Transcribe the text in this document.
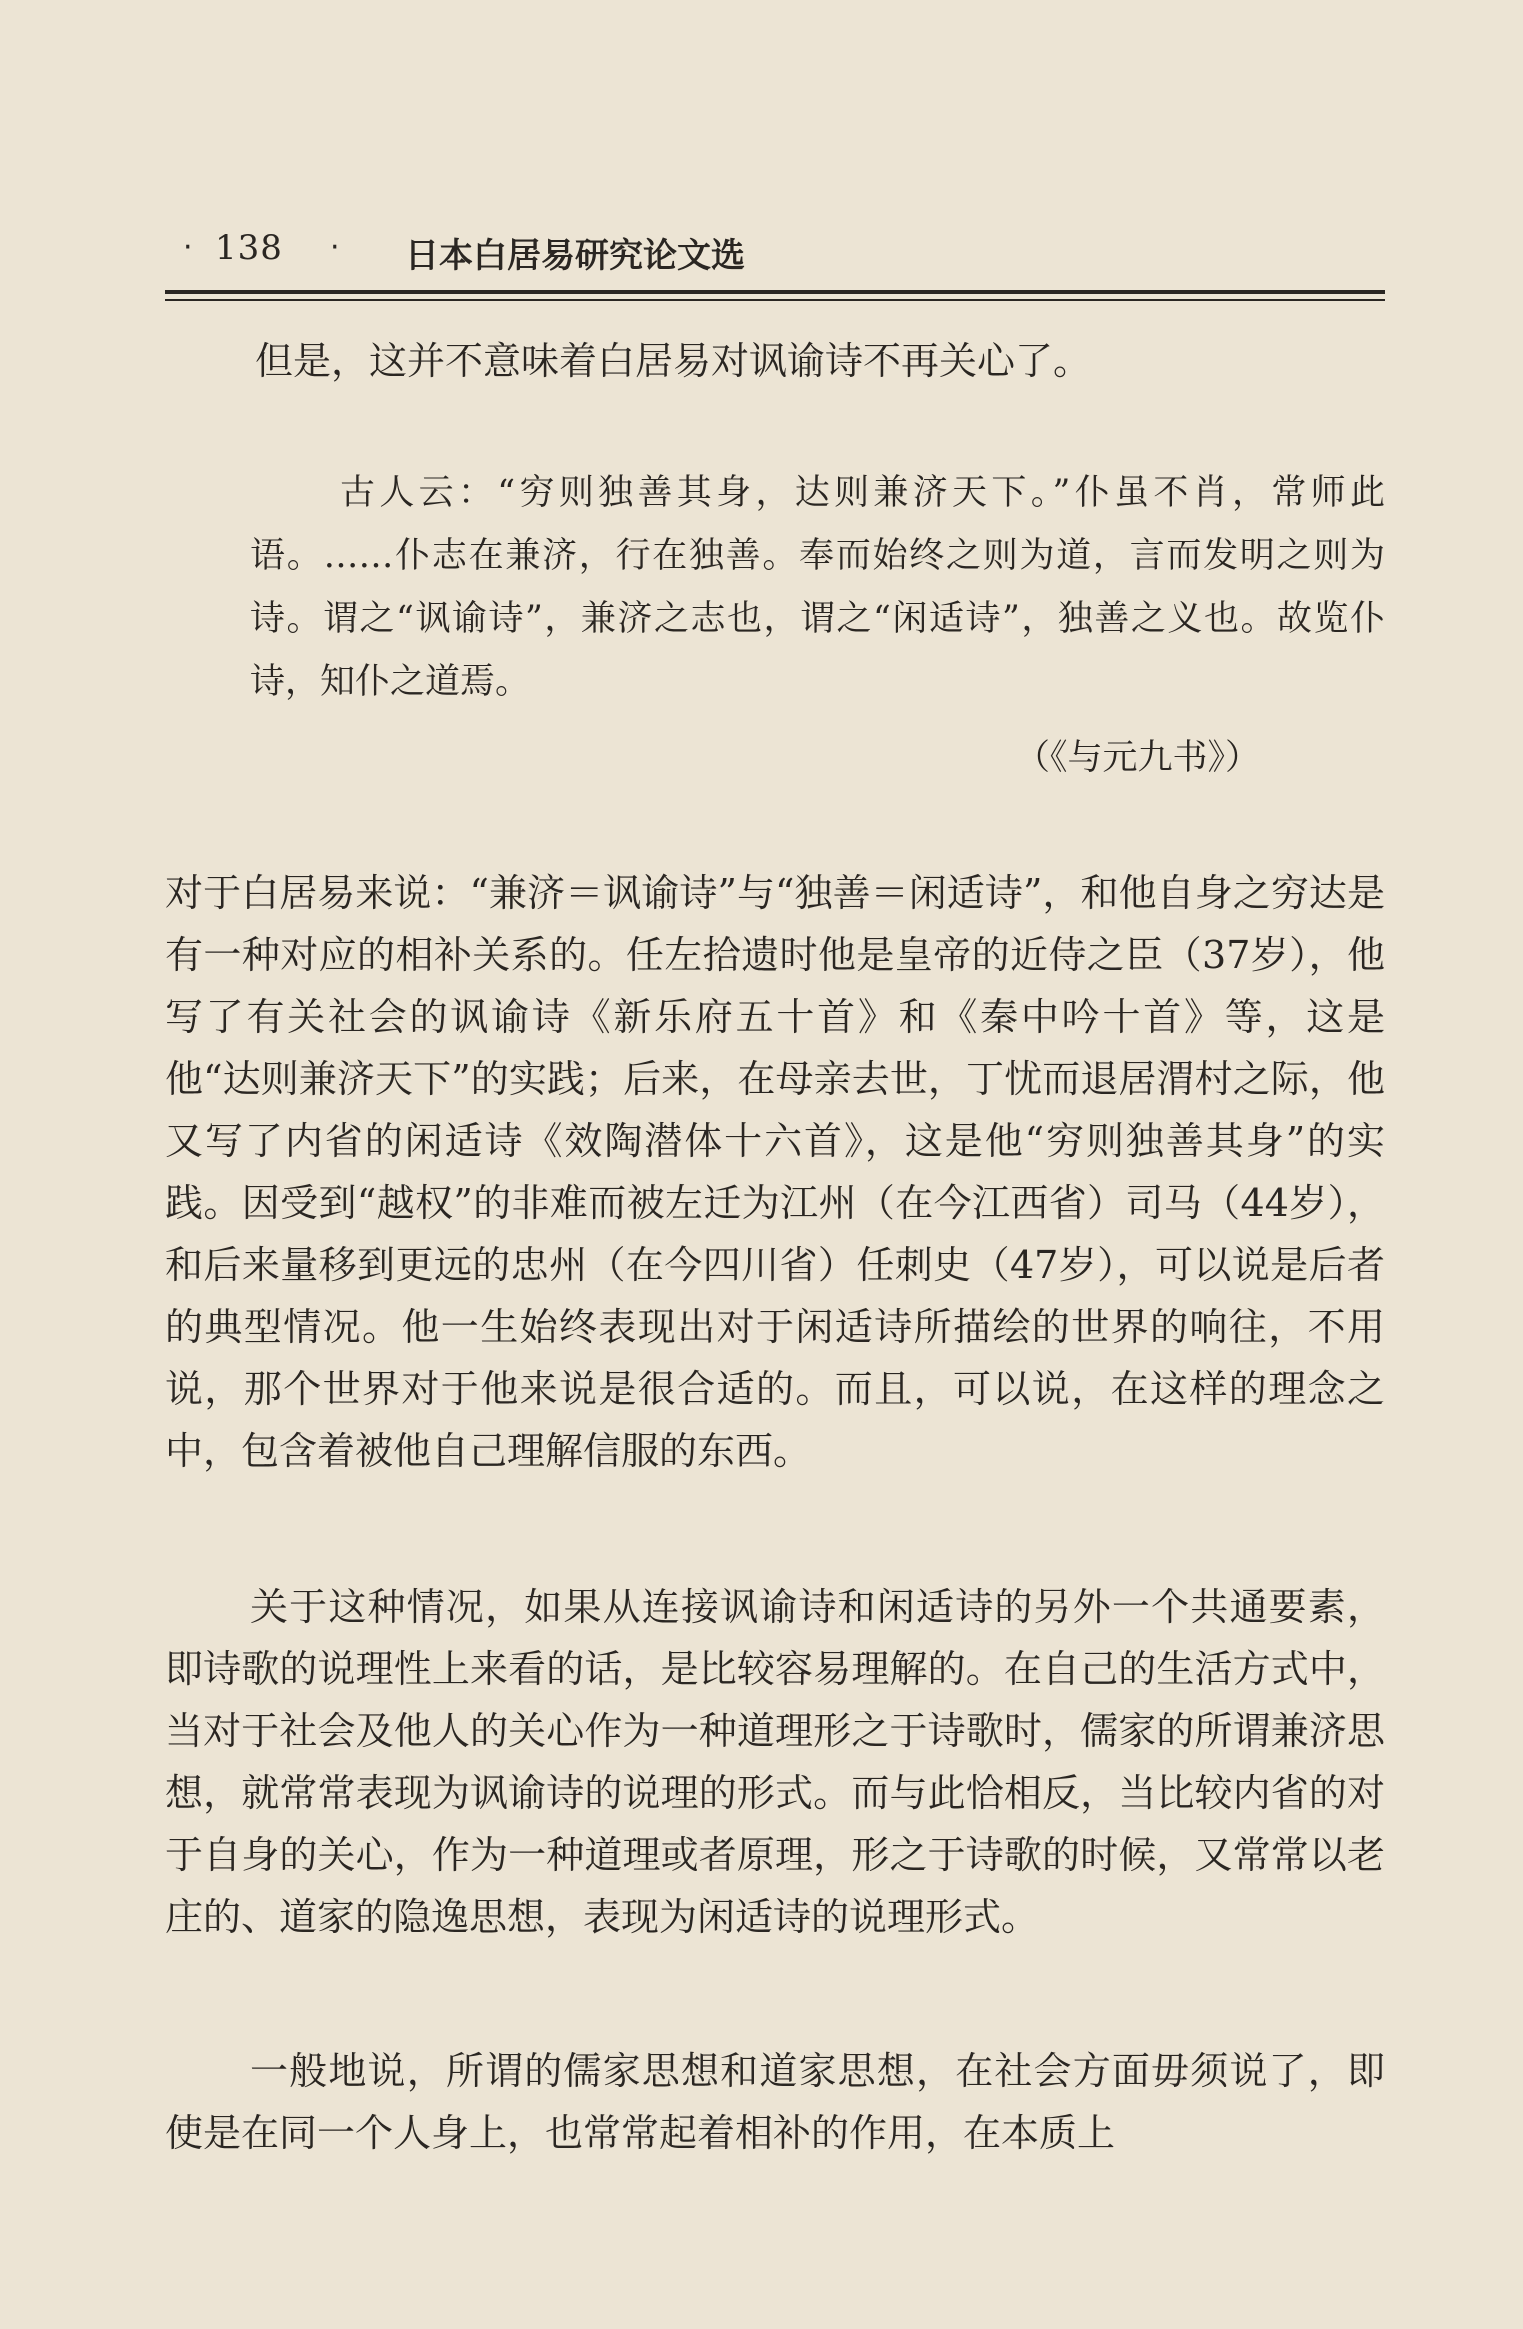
· 138 · 日本白居易研究论文选

但是，这并不意味着白居易对讽谕诗不再关心了。

古人云：“穷则独善其身，达则兼济天下。”仆虽不肖，常师此语。……仆志在兼济，行在独善。奉而始终之则为道，言而发明之则为诗。谓之“讽谕诗”，兼济之志也，谓之“闲适诗”，独善之义也。故览仆诗，知仆之道焉。

（《与元九书》）

对于白居易来说：“兼济＝讽谕诗”与“独善＝闲适诗”，和他自身之穷达是有一种对应的相补关系的。任左拾遗时他是皇帝的近侍之臣（37岁），他写了有关社会的讽谕诗《新乐府五十首》和《秦中吟十首》等，这是他“达则兼济天下”的实践；后来，在母亲去世，丁忧而退居渭村之际，他又写了内省的闲适诗《效陶潜体十六首》，这是他“穷则独善其身”的实践。因受到“越权”的非难而被左迁为江州（在今江西省）司马（44岁），和后来量移到更远的忠州（在今四川省）任刺史（47岁），可以说是后者的典型情况。他一生始终表现出对于闲适诗所描绘的世界的响往，不用说，那个世界对于他来说是很合适的。而且，可以说，在这样的理念之中，包含着被他自己理解信服的东西。

关于这种情况，如果从连接讽谕诗和闲适诗的另外一个共通要素，即诗歌的说理性上来看的话，是比较容易理解的。在自己的生活方式中，当对于社会及他人的关心作为一种道理形之于诗歌时，儒家的所谓兼济思想，就常常表现为讽谕诗的说理的形式。而与此恰相反，当比较内省的对于自身的关心，作为一种道理或者原理，形之于诗歌的时候，又常常以老庄的、道家的隐逸思想，表现为闲适诗的说理形式。

一般地说，所谓的儒家思想和道家思想，在社会方面毋须说了，即使是在同一个人身上，也常常起着相补的作用，在本质上
